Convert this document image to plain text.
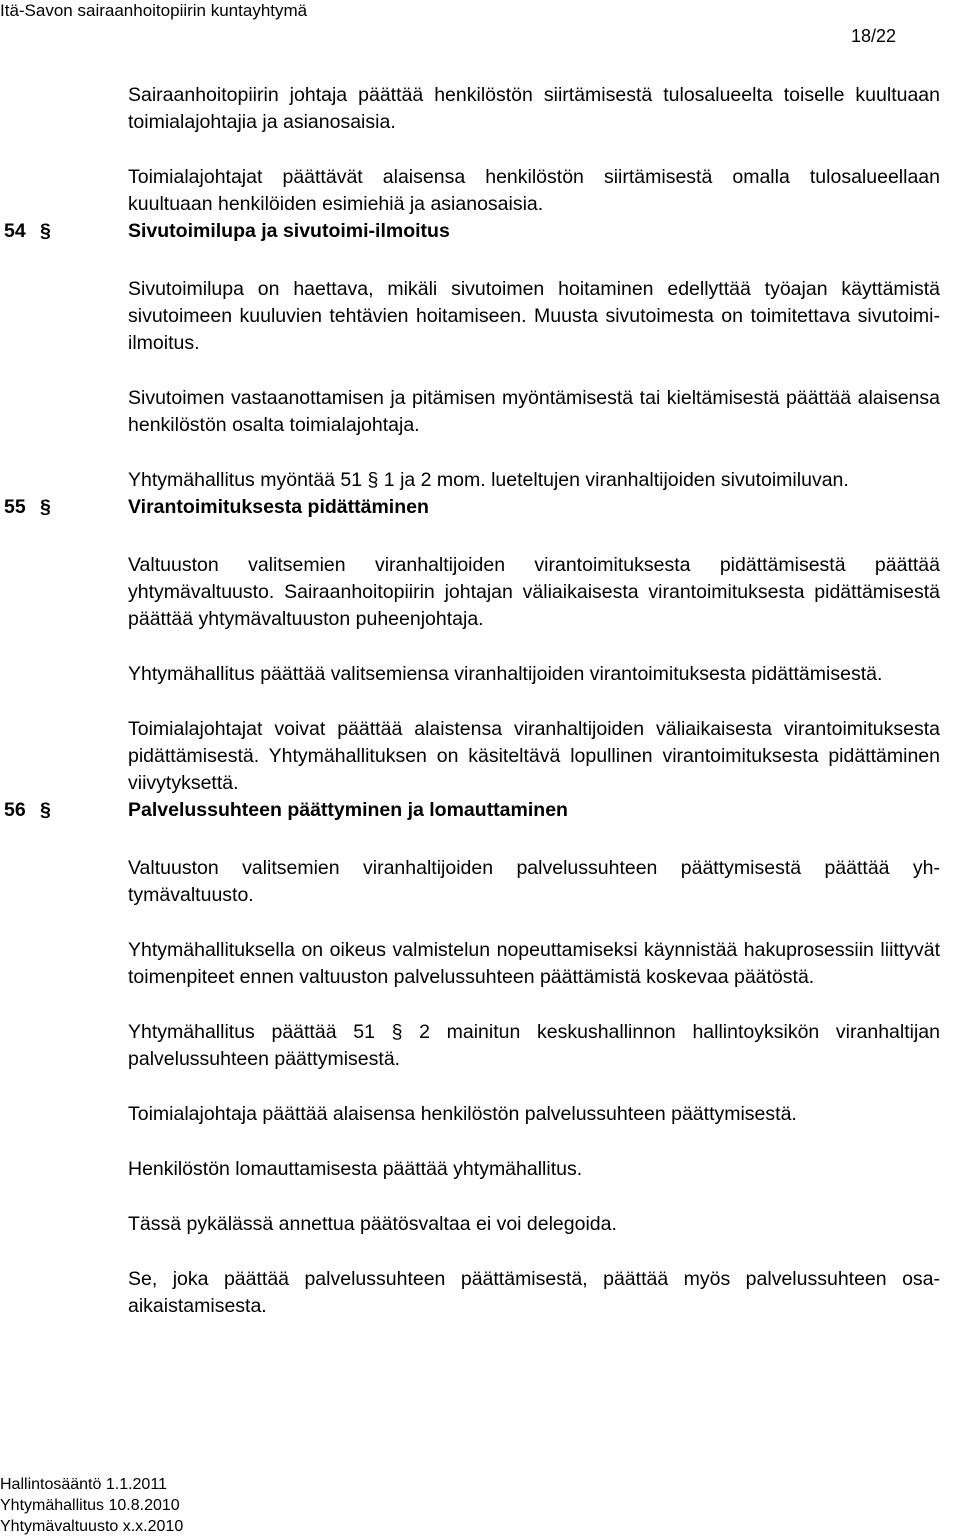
Itä-Savon sairaanhoitopiirin kuntayhtymä
18/22

Sairaanhoitopiirin johtaja päättää henkilöstön siirtämisestä tulosalueelta toiselle kuultuaan toimialajohtajia ja asianosaisia.

Toimialajohtajat päättävät alaisensa henkilöstön siirtämisestä omalla tulosalueellaan kuultuaan henkilöiden esimiehiä ja asianosaisia.

54 §	Sivutoimilupa ja sivutoimi-ilmoitus

Sivutoimilupa on haettava, mikäli sivutoimen hoitaminen edellyttää työajan käyttämistä sivutoimeen kuuluvien tehtävien hoitamiseen. Muusta sivutoimesta on toimitettava sivutoimi-ilmoitus.

Sivutoimen vastaanottamisen ja pitämisen myöntämisestä tai kieltämisestä päättää alaisensa henkilöstön osalta toimialajohtaja.

Yhtymähallitus myöntää 51 § 1 ja 2 mom. lueteltujen viranhaltijoiden sivutoimiluvan.

55 §	Virantoimituksesta pidättäminen

Valtuuston valitsemien viranhaltijoiden virantoimituksesta pidättämisestä päättää yhtymävaltuusto. Sairaanhoitopiirin johtajan väliaikaisesta virantoimituksesta pidättämisestä päättää yhtymävaltuuston puheenjohtaja.

Yhtymähallitus päättää valitsemiensa viranhaltijoiden virantoimituksesta pidättämisestä.

Toimialajohtajat voivat päättää alaistensa viranhaltijoiden väliaikaisesta virantoimituksesta pidättämisestä. Yhtymähallituksen on käsiteltävä lopullinen virantoimituksesta pidättäminen viivytyksettä.

56 §	Palvelussuhteen päättyminen ja lomauttaminen

Valtuuston valitsemien viranhaltijoiden palvelussuhteen päättymisestä päättää yhtymävaltuusto.

Yhtymähallituksella on oikeus valmistelun nopeuttamiseksi käynnistää hakuprosessiin liittyvät toimenpiteet ennen valtuuston palvelussuhteen päättämistä koskevaa päätöstä.

Yhtymähallitus päättää 51 § 2 mainitun keskushallinnon hallintoyksikön viranhaltijan palvelussuhteen päättymisestä.

Toimialajohtaja päättää alaisensa henkilöstön palvelussuhteen päättymisestä.

Henkilöstön lomauttamisesta päättää yhtymähallitus.

Tässä pykälässä annettua päätösvaltaa ei voi delegoida.

Se, joka päättää palvelussuhteen päättämisestä, päättää myös palvelussuhteen osa-aikaistamisesta.

Hallintosääntö 1.1.2011
Yhtymähallitus 10.8.2010
Yhtymävaltuusto x.x.2010
